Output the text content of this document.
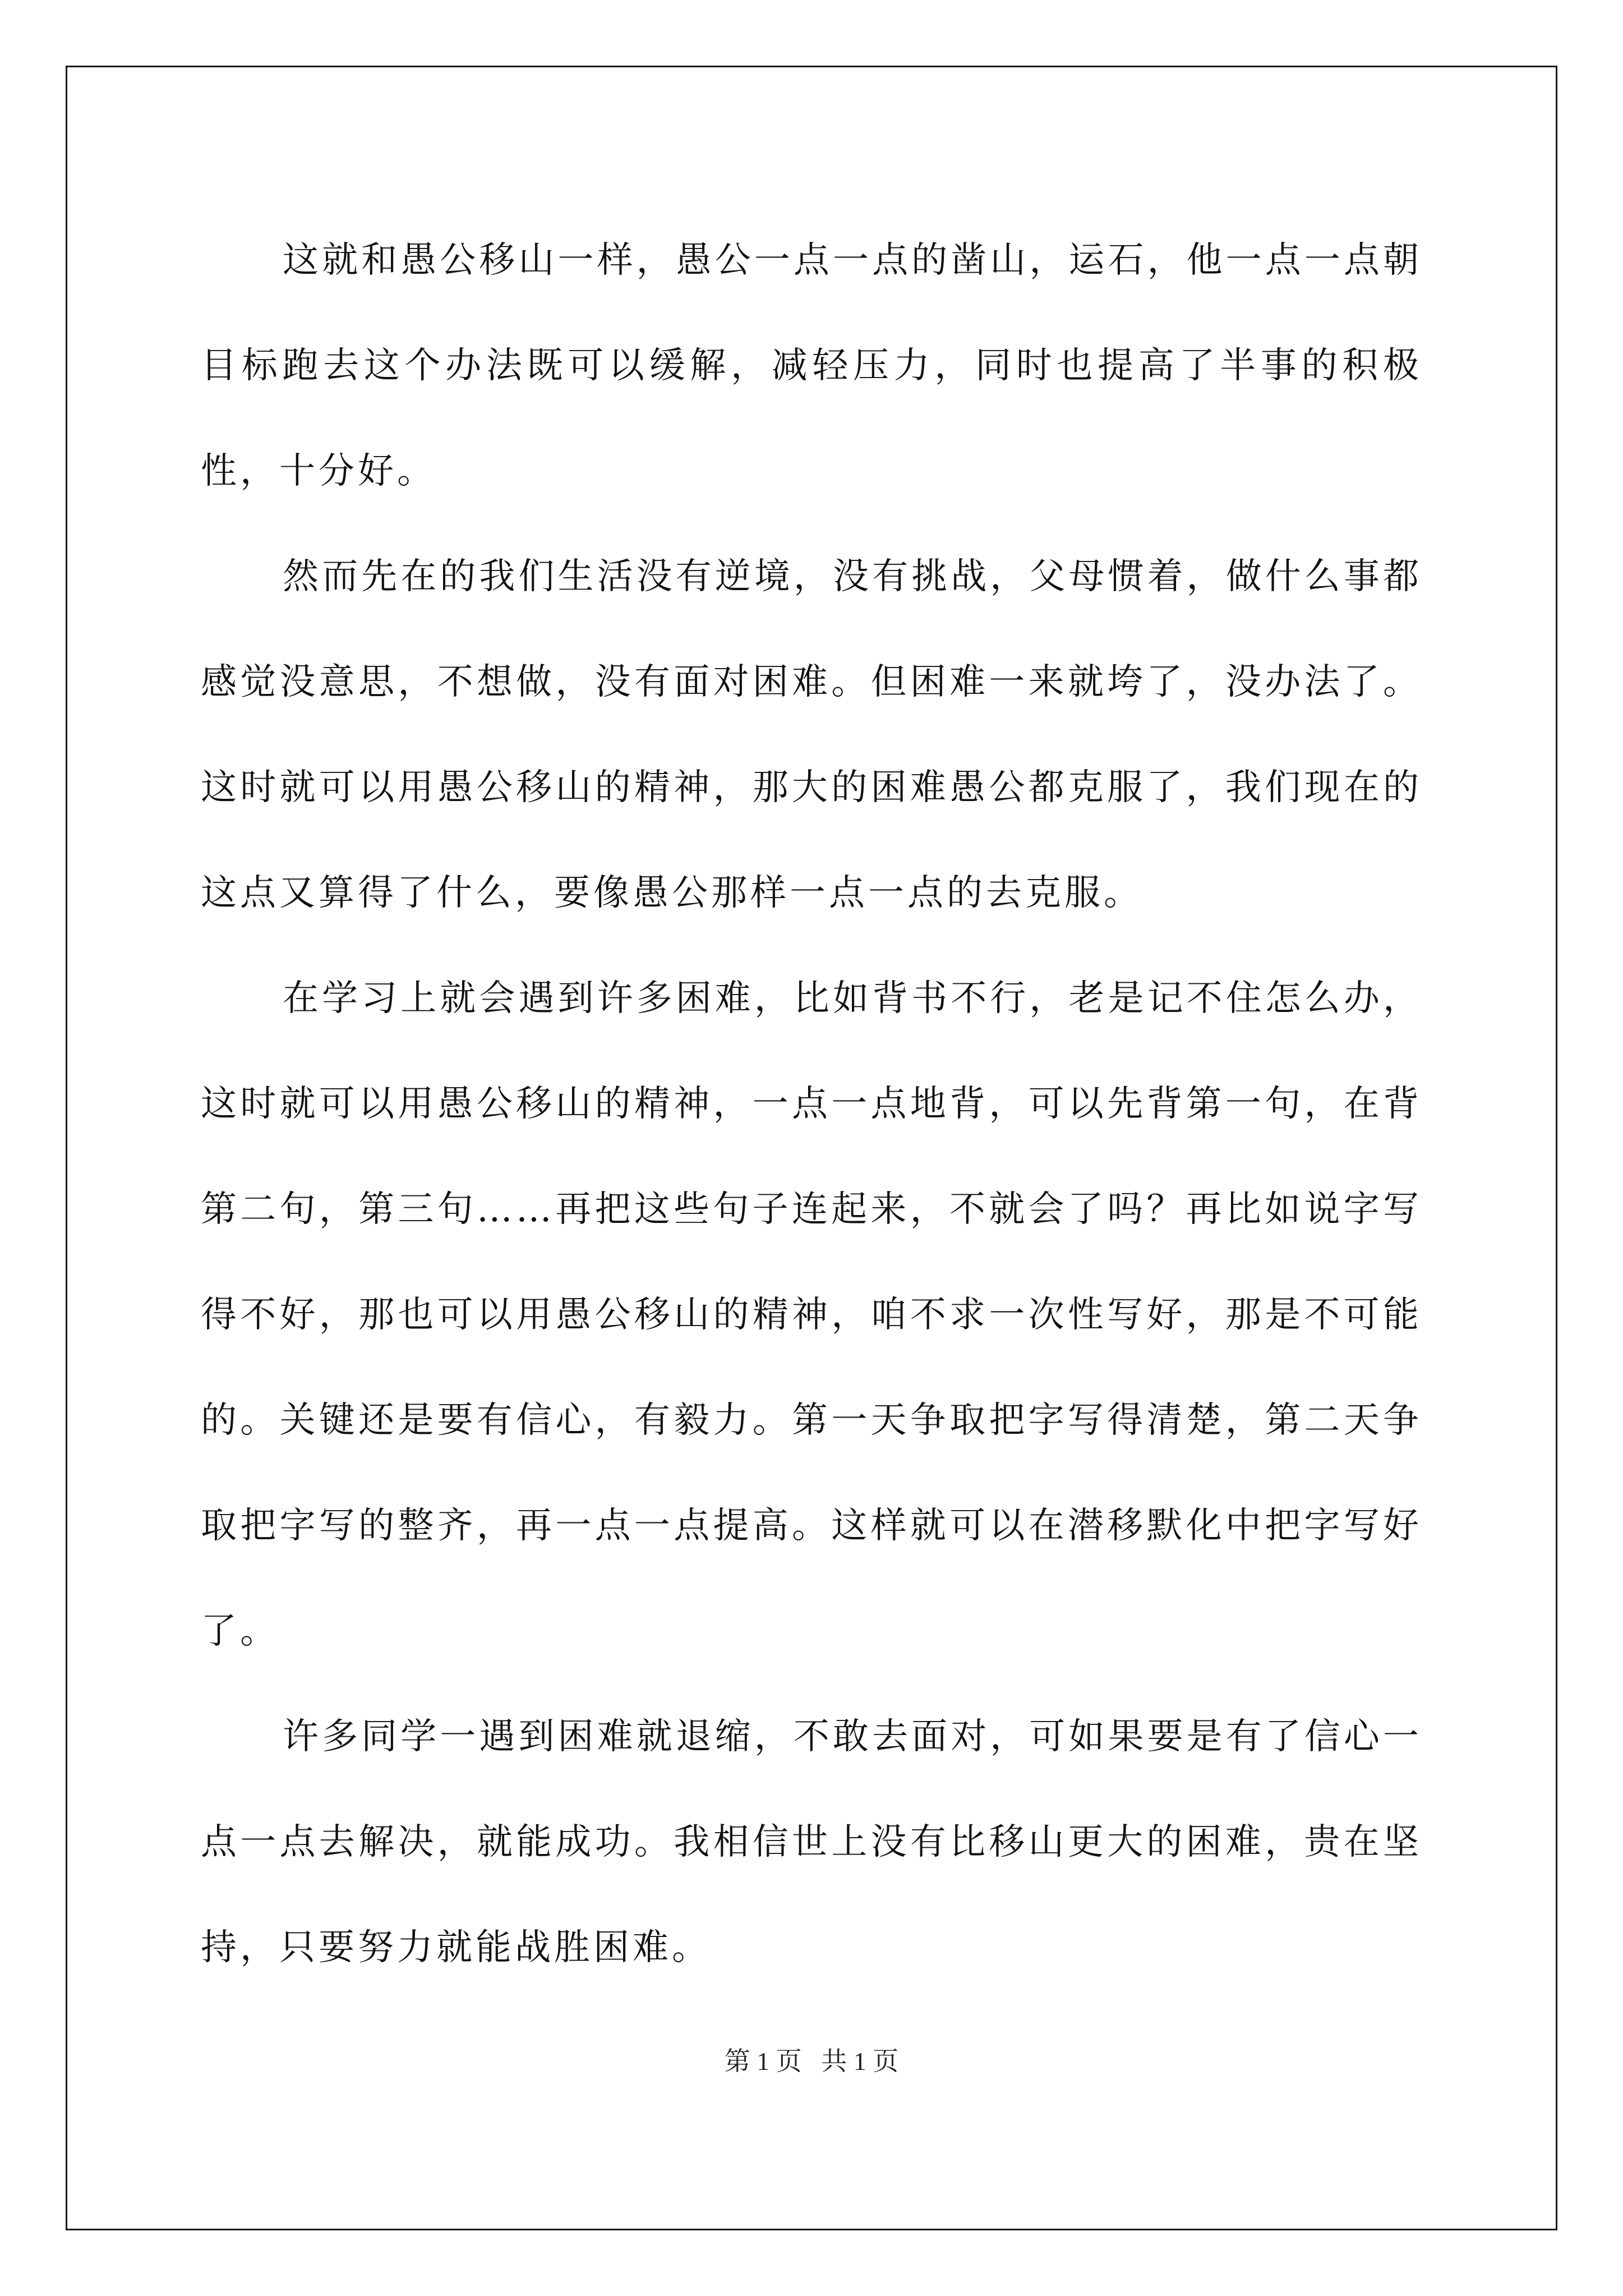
这就和愚公移山一样，愚公一点一点的凿山，运石，他一点一点朝目标跑去这个办法既可以缓解，减轻压力，同时也提高了半事的积极性，十分好。

然而先在的我们生活没有逆境，没有挑战，父母惯着，做什么事都感觉没意思，不想做，没有面对困难。但困难一来就垮了，没办法了。这时就可以用愚公移山的精神，那大的困难愚公都克服了，我们现在的这点又算得了什么，要像愚公那样一点一点的去克服。

在学习上就会遇到许多困难，比如背书不行，老是记不住怎么办，这时就可以用愚公移山的精神，一点一点地背，可以先背第一句，在背第二句，第三句……再把这些句子连起来，不就会了吗？再比如说字写得不好，那也可以用愚公移山的精神，咱不求一次性写好，那是不可能的。关键还是要有信心，有毅力。第一天争取把字写得清楚，第二天争取把字写的整齐，再一点一点提高。这样就可以在潜移默化中把字写好了。

许多同学一遇到困难就退缩，不敢去面对，可如果要是有了信心一点一点去解决，就能成功。我相信世上没有比移山更大的困难，贵在坚持，只要努力就能战胜困难。

第 1 页   共 1 页
